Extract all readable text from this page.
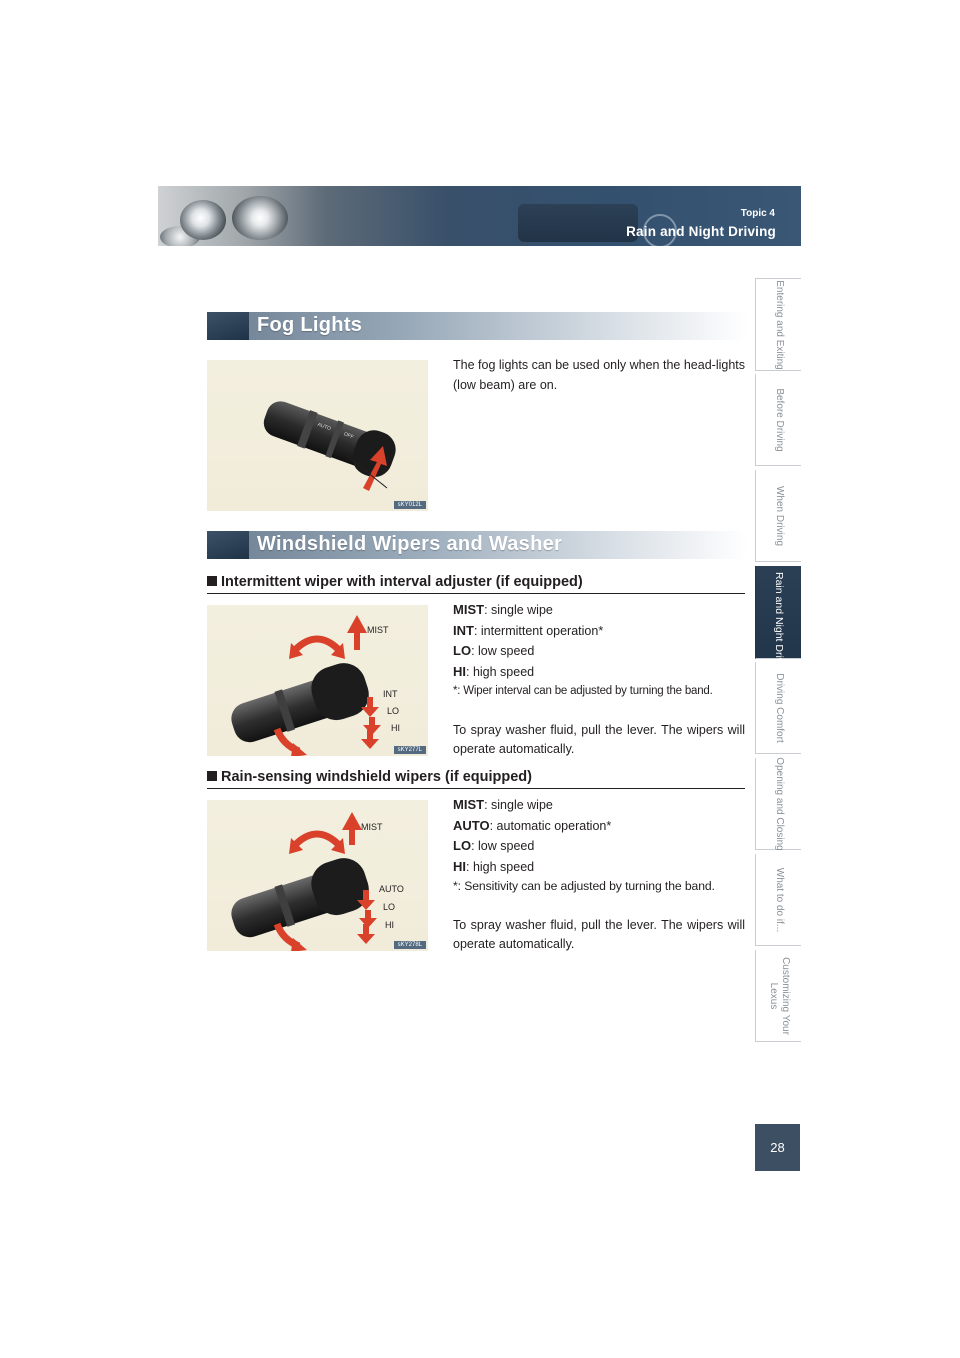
Topic 4
Rain and Night Driving
Fog Lights
AUTO
OFF
sKY012L
The fog lights can be used only when the head-lights (low beam) are on.
Windshield Wipers and Washer
Intermittent wiper with interval adjuster (if equipped)
MIST
INT
LO
HI
sKY277L
MIST: single wipe
INT: intermittent operation*
LO: low speed
HI: high speed
*: Wiper interval can be adjusted by turning the band.
To spray washer fluid, pull the lever. The wipers will operate automatically.
Rain-sensing windshield wipers (if equipped)
MIST
AUTO
LO
HI
sKY278L
MIST: single wipe
AUTO: automatic operation*
LO: low speed
HI: high speed
*: Sensitivity can be adjusted by turning the band.
To spray washer fluid, pull the lever. The wipers will operate automatically.
Entering and Exiting
Before Driving
When Driving
Rain and Night Driving
Driving Comfort
Opening and Closing
What to do if...
Customizing Your Lexus
28
